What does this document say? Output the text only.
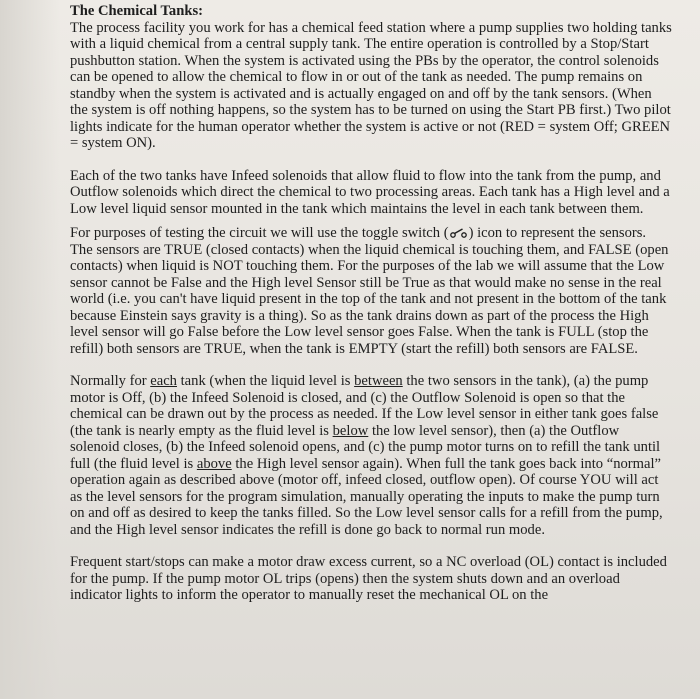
The Chemical Tanks:

The process facility you work for has a chemical feed station where a pump supplies two holding tanks with a liquid chemical from a central supply tank. The entire operation is controlled by a Stop/Start pushbutton station. When the system is activated using the PBs by the operator, the control solenoids can be opened to allow the chemical to flow in or out of the tank as needed. The pump remains on standby when the system is activated and is actually engaged on and off by the tank sensors. (When the system is off nothing happens, so the system has to be turned on using the Start PB first.) Two pilot lights indicate for the human operator whether the system is active or not (RED = system Off; GREEN = system ON).

Each of the two tanks have Infeed solenoids that allow fluid to flow into the tank from the pump, and Outflow solenoids which direct the chemical to two processing areas. Each tank has a High level and a Low level liquid sensor mounted in the tank which maintains the level in each tank between them.

For purposes of testing the circuit we will use the toggle switch ( ) icon to represent the sensors. The sensors are TRUE (closed contacts) when the liquid chemical is touching them, and FALSE (open contacts) when liquid is NOT touching them. For the purposes of the lab we will assume that the Low sensor cannot be False and the High level Sensor still be True as that would make no sense in the real world (i.e. you can't have liquid present in the top of the tank and not present in the bottom of the tank because Einstein says gravity is a thing). So as the tank drains down as part of the process the High level sensor will go False before the Low level sensor goes False. When the tank is FULL (stop the refill) both sensors are TRUE, when the tank is EMPTY (start the refill) both sensors are FALSE.

Normally for each tank (when the liquid level is between the two sensors in the tank), (a) the pump motor is Off, (b) the Infeed Solenoid is closed, and (c) the Outflow Solenoid is open so that the chemical can be drawn out by the process as needed. If the Low level sensor in either tank goes false (the tank is nearly empty as the fluid level is below the low level sensor), then (a) the Outflow solenoid closes, (b) the Infeed solenoid opens, and (c) the pump motor turns on to refill the tank until full (the fluid level is above the High level sensor again). When full the tank goes back into “normal” operation again as described above (motor off, infeed closed, outflow open). Of course YOU will act as the level sensors for the program simulation, manually operating the inputs to make the pump turn on and off as desired to keep the tanks filled. So the Low level sensor calls for a refill from the pump, and the High level sensor indicates the refill is done go back to normal run mode.

Frequent start/stops can make a motor draw excess current, so a NC overload (OL) contact is included for the pump. If the pump motor OL trips (opens) then the system shuts down and an overload indicator lights to inform the operator to manually reset the mechanical OL on the
